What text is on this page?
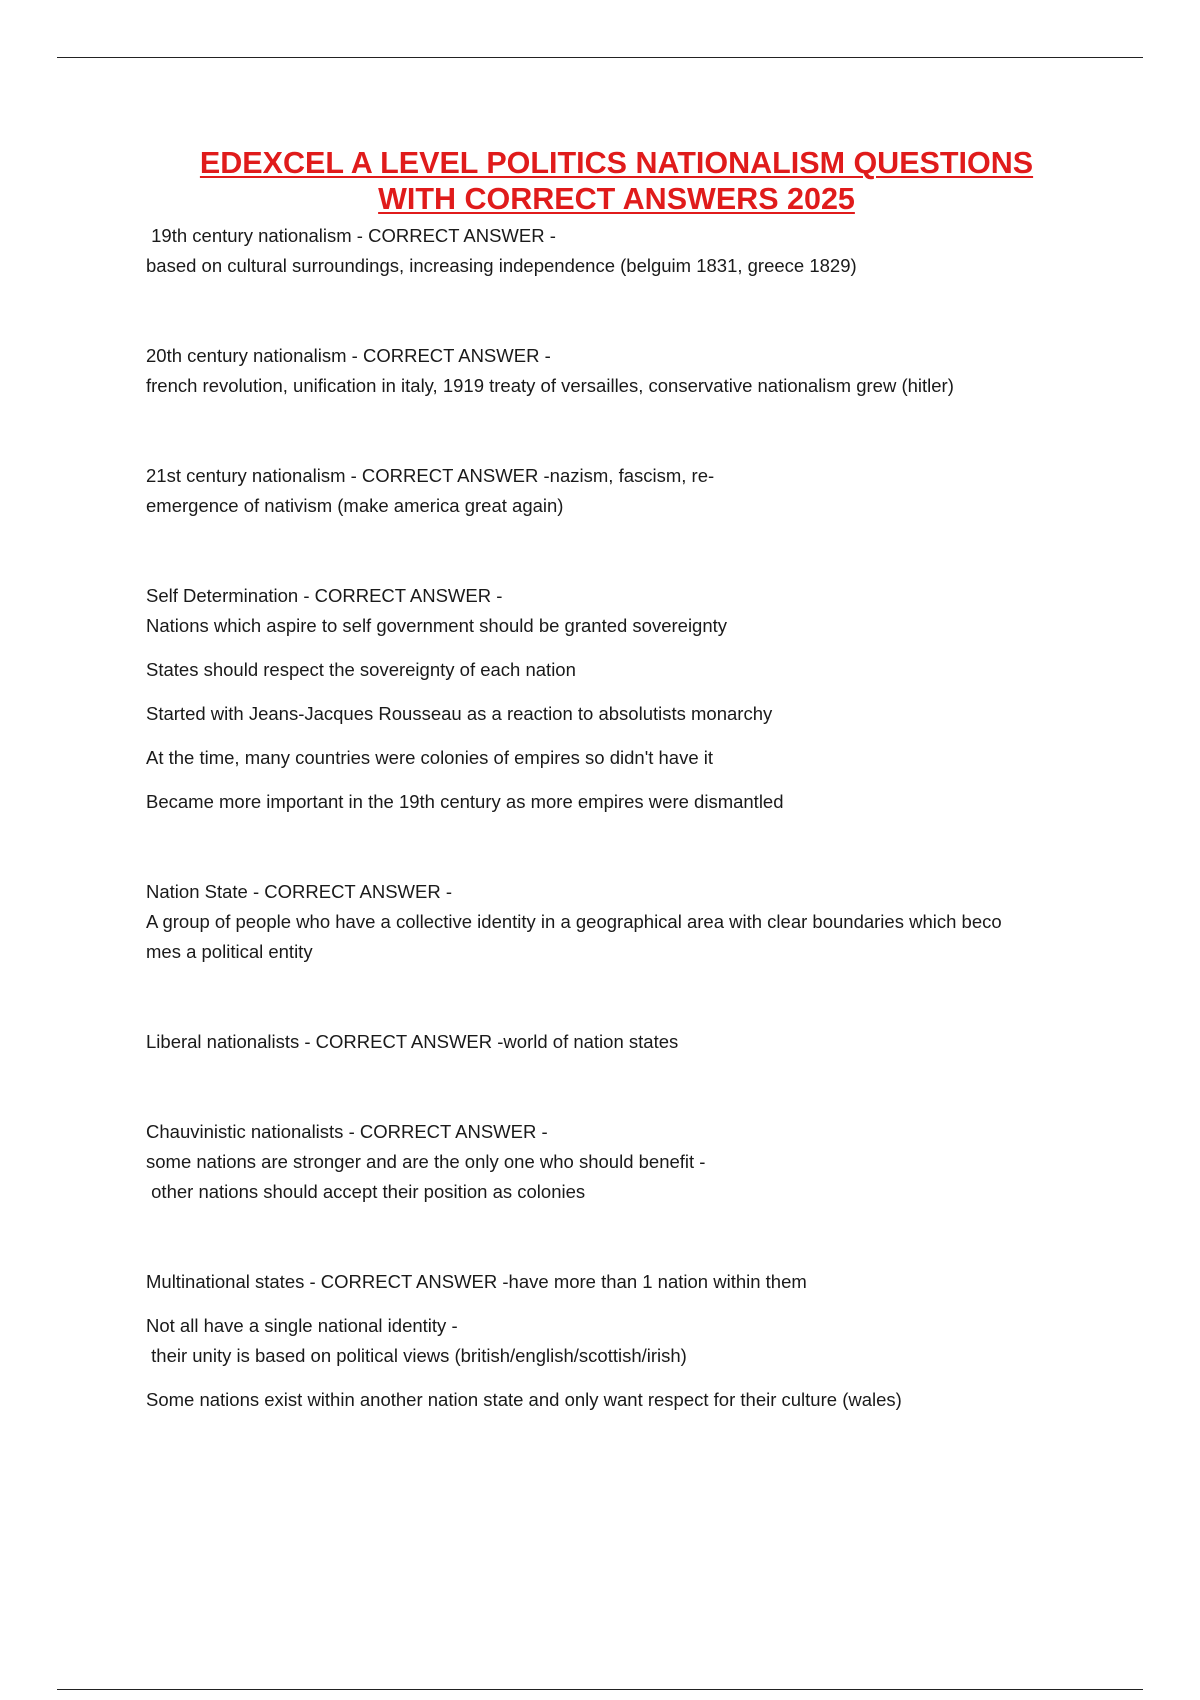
EDEXCEL A LEVEL POLITICS NATIONALISM QUESTIONS
WITH CORRECT ANSWERS 2025
19th century nationalism - CORRECT ANSWER -
based on cultural surroundings, increasing independence (belguim 1831, greece 1829)
20th century nationalism - CORRECT ANSWER -
french revolution, unification in italy, 1919 treaty of versailles, conservative nationalism grew (hitler)
21st century nationalism - CORRECT ANSWER -nazism, fascism, re-
emergence of nativism (make america great again)
Self Determination - CORRECT ANSWER -
Nations which aspire to self government should be granted sovereignty
States should respect the sovereignty of each nation
Started with Jeans-Jacques Rousseau as a reaction to absolutists monarchy
At the time, many countries were colonies of empires so didn't have it
Became more important in the 19th century as more empires were dismantled
Nation State - CORRECT ANSWER -
A group of people who have a collective identity in a geographical area with clear boundaries which beco
mes a political entity
Liberal nationalists - CORRECT ANSWER -world of nation states
Chauvinistic nationalists - CORRECT ANSWER -
some nations are stronger and are the only one who should benefit -
other nations should accept their position as colonies
Multinational states - CORRECT ANSWER -have more than 1 nation within them
Not all have a single national identity -
their unity is based on political views (british/english/scottish/irish)
Some nations exist within another nation state and only want respect for their culture (wales)
